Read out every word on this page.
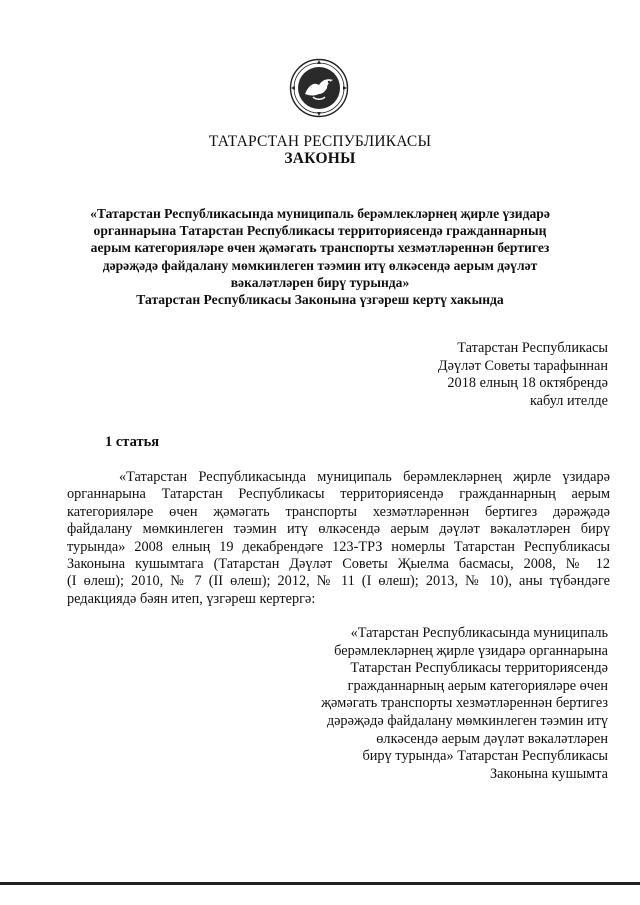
ТАТАРСТАН РЕСПУБЛИКАСЫ
ЗАКОНЫ
«Татарстан Республикасында муниципаль берәмлекләрнең җирле үзидарә
органнарына Татарстан Республикасы территориясендә гражданнарның
аерым категорияләре өчен җәмәгать транспорты хезмәтләреннән бертигез
дәрәҗәдә файдалану мөмкинлеген тәэмин итү өлкәсендә аерым дәүләт
вәкаләтләрен бирү турында»
Татарстан Республикасы Законына үзгәреш кертү хакында
Татарстан Республикасы
Дәүләт Советы тарафыннан
2018 елның 18 октябрендә
кабул ителде
1 статья
«Татарстан Республикасында муниципаль берәмлекләрнең җирле үзидарә
органнарына Татарстан Республикасы территориясендә гражданнарның аерым
категорияләре өчен җәмәгать транспорты хезмәтләреннән бертигез дәрәҗәдә
файдалану мөмкинлеген тәэмин итү өлкәсендә аерым дәүләт вәкаләтләрен бирү
турында» 2008 елның 19 декабрендәге 123-ТРЗ номерлы Татарстан Республикасы
Законына кушымтага (Татарстан Дәүләт Советы Җыелма басмасы, 2008, № 12
(I өлеш); 2010, № 7 (II өлеш); 2012, № 11 (I өлеш); 2013, № 10), аны түбәндәге
редакциядә бәян итеп, үзгәреш кертергә:
«Татарстан Республикасында муниципаль
берәмлекләрнең җирле үзидарә органнарына
Татарстан Республикасы территориясендә
гражданнарның аерым категорияләре өчен
җәмәгать транспорты хезмәтләреннән бертигез
дәрәҗәдә файдалану мөмкинлеген тәэмин итү
өлкәсендә аерым дәүләт вәкаләтләрен
бирү турында» Татарстан Республикасы
Законына кушымта
